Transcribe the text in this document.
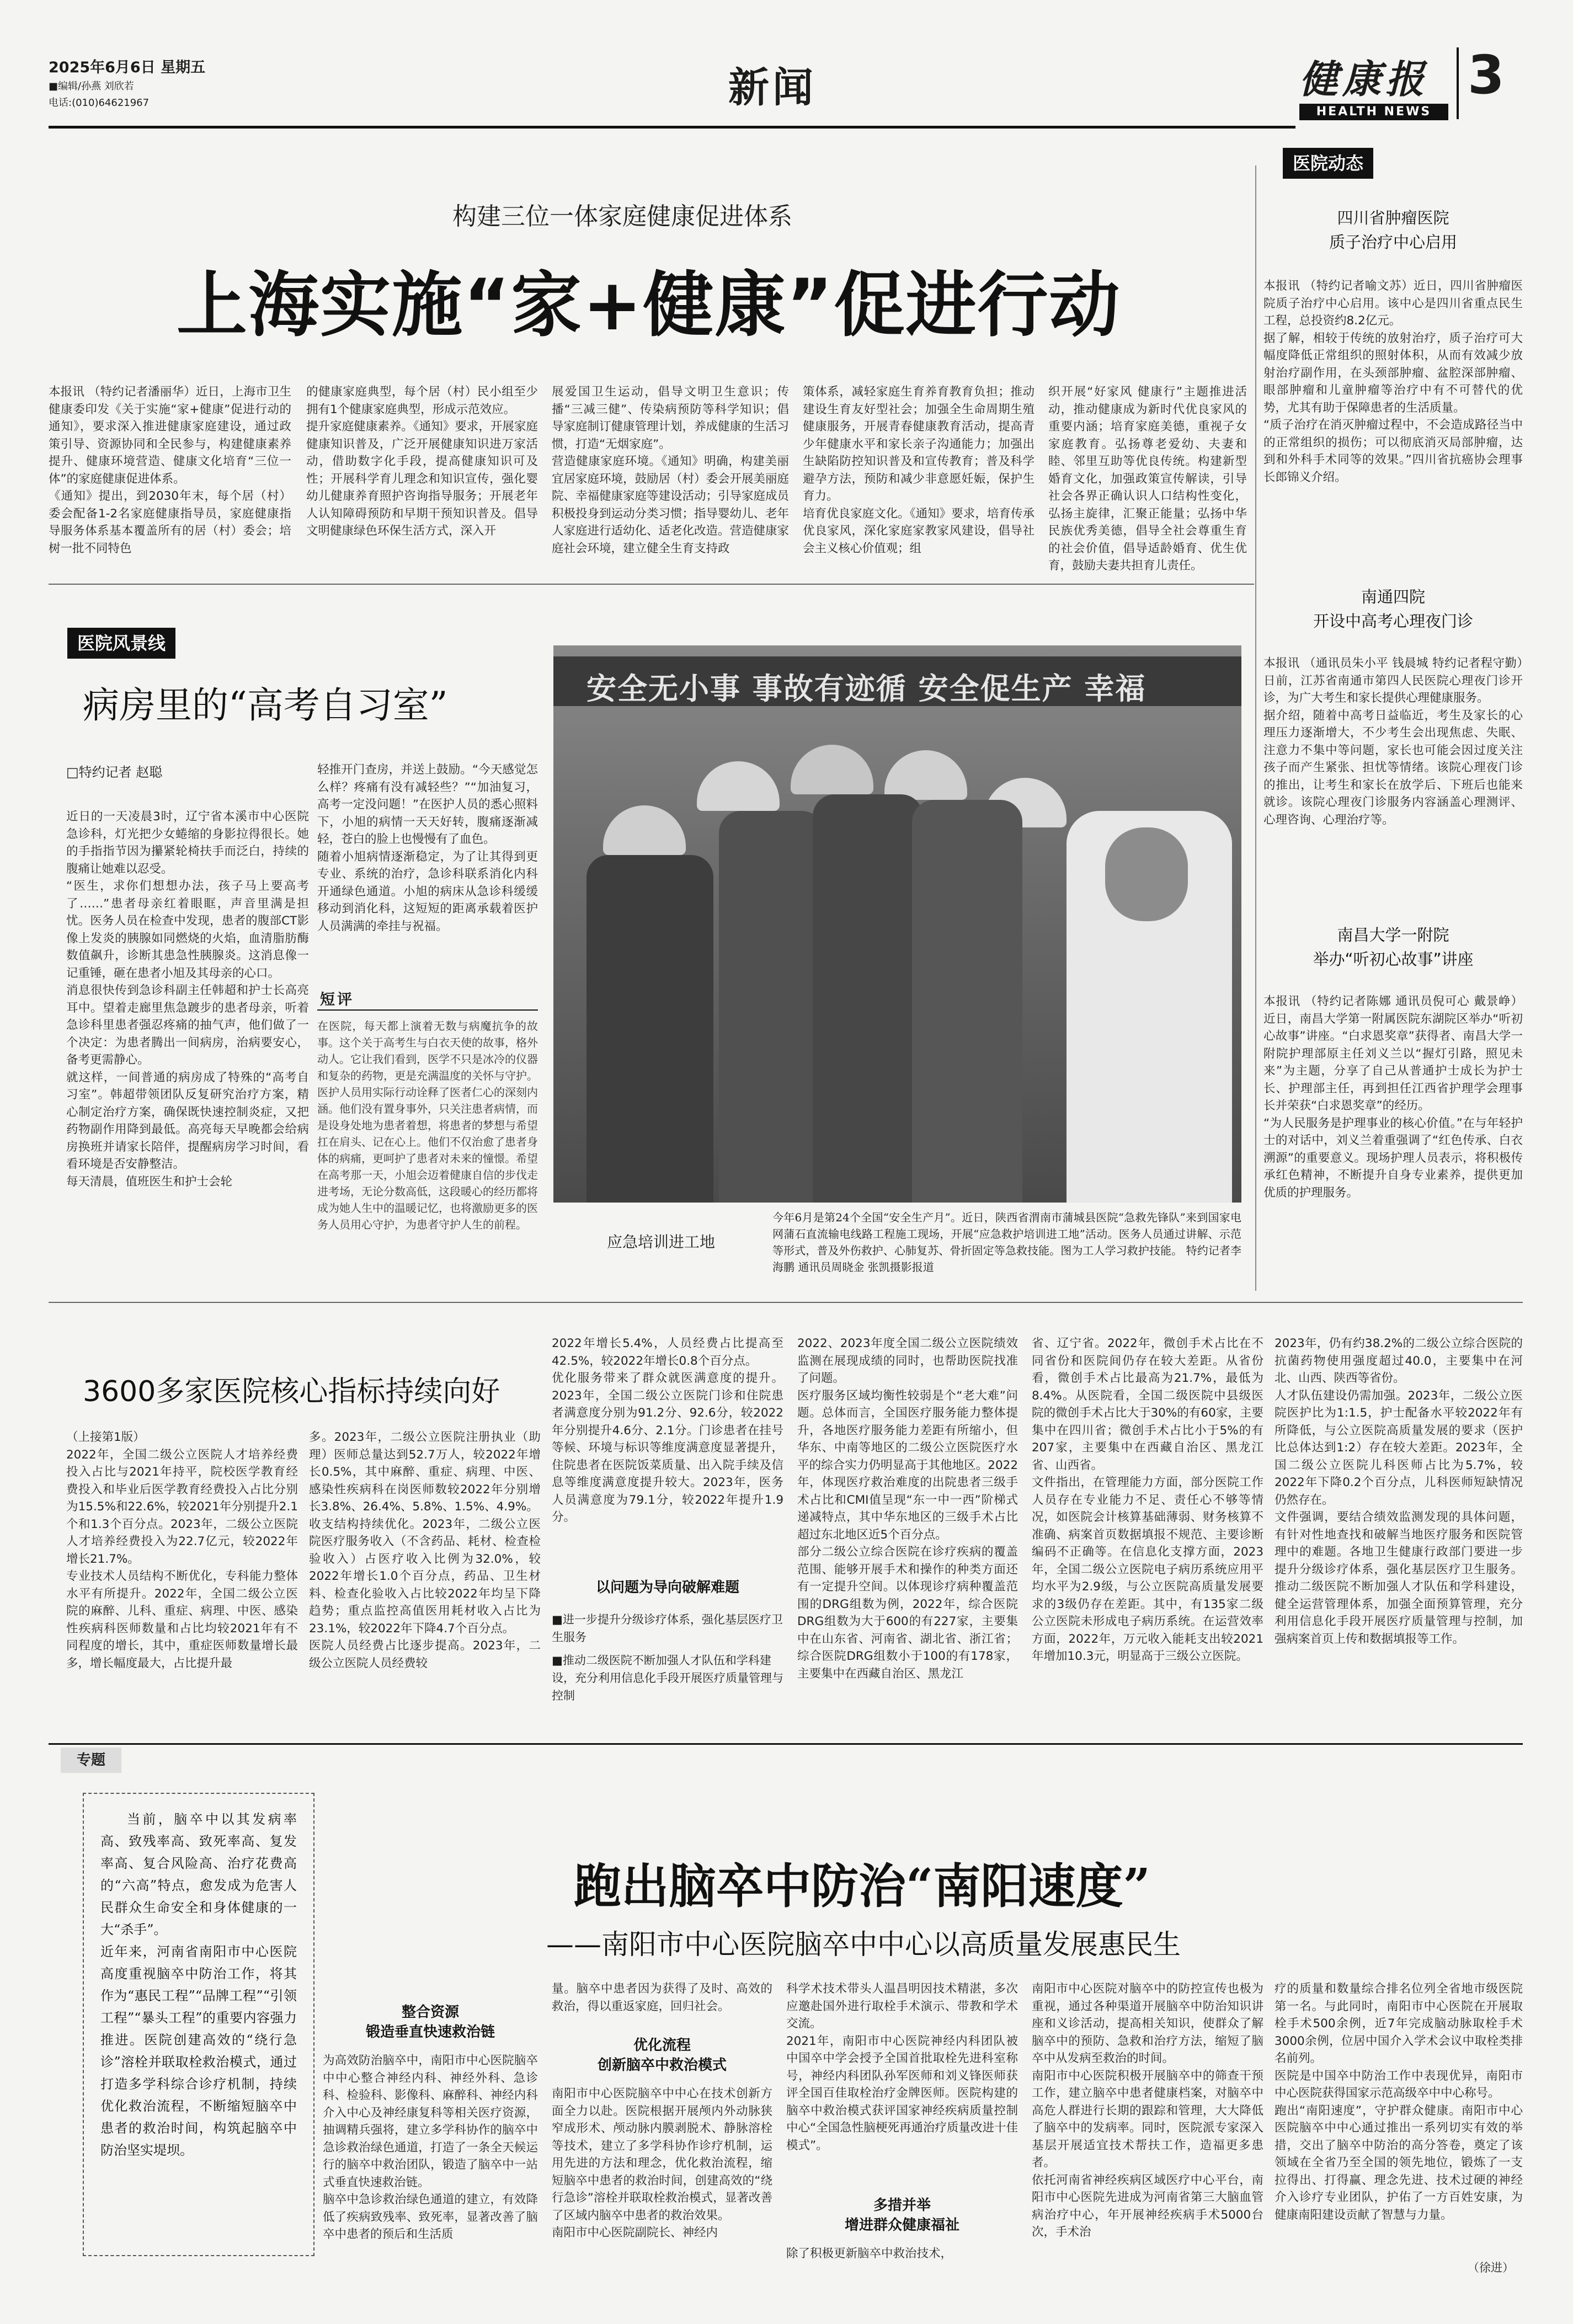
2025年6月6日 星期五
■编辑/孙燕 刘欣若
电话:(010)64621967	新闻	健康报
HEALTH NEWS
3
医院动态
四川省肿瘤医院
质子治疗中心启用
本报讯 （特约记者喻文苏）近日，四川省肿瘤医院质子治疗中心启用。该中心是四川省重点民生工程，总投资约8.2亿元。
据了解，相较于传统的放射治疗，质子治疗可大幅度降低正常组织的照射体积，从而有效减少放射治疗副作用，在头颈部肿瘤、盆腔深部肿瘤、眼部肿瘤和儿童肿瘤等治疗中有不可替代的优势，尤其有助于保障患者的生活质量。
“质子治疗在消灭肿瘤过程中，不会造成路径当中的正常组织的损伤；可以彻底消灭局部肿瘤，达到和外科手术同等的效果。”四川省抗癌协会理事长郎锦义介绍。
南通四院
开设中高考心理夜门诊
本报讯 （通讯员朱小平 钱晨城 特约记者程守勤）日前，江苏省南通市第四人民医院心理夜门诊开诊，为广大考生和家长提供心理健康服务。
据介绍，随着中高考日益临近，考生及家长的心理压力逐渐增大，不少考生会出现焦虑、失眠、注意力不集中等问题，家长也可能会因过度关注孩子而产生紧张、担忧等情绪。该院心理夜门诊的推出，让考生和家长在放学后、下班后也能来就诊。该院心理夜门诊服务内容涵盖心理测评、心理咨询、心理治疗等。
南昌大学一附院
举办“听初心故事”讲座
本报讯 （特约记者陈娜 通讯员倪可心 戴景峥）近日，南昌大学第一附属医院东湖院区举办“听初心故事”讲座。“白求恩奖章”获得者、南昌大学一附院护理部原主任刘义兰以“握灯引路，照见未来”为主题，分享了自己从普通护士成长为护士长、护理部主任，再到担任江西省护理学会理事长并荣获“白求恩奖章”的经历。
“为人民服务是护理事业的核心价值。”在与年轻护士的对话中，刘义兰着重强调了“红色传承、白衣溯源”的重要意义。现场护理人员表示，将积极传承红色精神，不断提升自身专业素养，提供更加优质的护理服务。
构建三位一体家庭健康促进体系
上海实施“家+健康”促进行动
本报讯 （特约记者潘丽华）近日，上海市卫生健康委印发《关于实施“家+健康”促进行动的通知》，要求深入推进健康家庭建设，通过政策引导、资源协同和全民参与，构建健康素养提升、健康环境营造、健康文化培育“三位一体”的家庭健康促进体系。
《通知》提出，到2030年末，每个居（村）委会配备1-2名家庭健康指导员，家庭健康指导服务体系基本覆盖所有的居（村）委会；培树一批不同特色
的健康家庭典型，每个居（村）民小组至少拥有1个健康家庭典型，形成示范效应。
提升家庭健康素养。《通知》要求，开展家庭健康知识普及，广泛开展健康知识进万家活动，借助数字化手段，提高健康知识可及性；开展科学育儿理念和知识宣传，强化婴幼儿健康养育照护咨询指导服务；开展老年人认知障碍预防和早期干预知识普及。倡导文明健康绿色环保生活方式，深入开
展爱国卫生运动，倡导文明卫生意识；传播“三减三健”、传染病预防等科学知识；倡导家庭制订健康管理计划，养成健康的生活习惯，打造“无烟家庭”。
营造健康家庭环境。《通知》明确，构建美丽宜居家庭环境，鼓励居（村）委会开展美丽庭院、幸福健康家庭等建设活动；引导家庭成员积极投身到运动分类习惯；指导婴幼儿、老年人家庭进行适幼化、适老化改造。营造健康家庭社会环境，建立健全生育支持政
策体系，减轻家庭生育养育教育负担；推动建设生育友好型社会；加强全生命周期生殖健康服务，开展青春健康教育活动，提高青少年健康水平和家长亲子沟通能力；加强出生缺陷防控知识普及和宣传教育；普及科学避孕方法，预防和减少非意愿妊娠，保护生育力。
培育优良家庭文化。《通知》要求，培育传承优良家风，深化家庭家教家风建设，倡导社会主义核心价值观；组
织开展“好家风 健康行”主题推进活动，推动健康成为新时代优良家风的重要内涵；培育家庭美德，重视子女家庭教育。弘扬尊老爱幼、夫妻和睦、邻里互助等优良传统。构建新型婚育文化，加强政策宣传解读，引导社会各界正确认识人口结构性变化，弘扬主旋律，汇聚正能量；弘扬中华民族优秀美德，倡导全社会尊重生育的社会价值，倡导适龄婚育、优生优育，鼓励夫妻共担育儿责任。
医院风景线
病房里的“高考自习室”
□特约记者 赵聪
近日的一天凌晨3时，辽宁省本溪市中心医院急诊科，灯光把少女蜷缩的身影拉得很长。她的手指指节因为攥紧轮椅扶手而泛白，持续的腹痛让她难以忍受。
“医生，求你们想想办法，孩子马上要高考了……”患者母亲红着眼眶，声音里满是担忧。医务人员在检查中发现，患者的腹部CT影像上发炎的胰腺如同燃烧的火焰，血清脂肪酶数值飙升，诊断其患急性胰腺炎。这消息像一记重锤，砸在患者小旭及其母亲的心口。
消息很快传到急诊科副主任韩超和护士长高亮耳中。望着走廊里焦急踱步的患者母亲，听着急诊科里患者强忍疼痛的抽气声，他们做了一个决定：为患者腾出一间病房，治病要安心，备考更需静心。
就这样，一间普通的病房成了特殊的“高考自习室”。韩超带领团队反复研究治疗方案，精心制定治疗方案，确保既快速控制炎症，又把药物副作用降到最低。高亮每天早晚都会给病房换班并请家长陪伴，提醒病房学习时间，看看环境是否安静整洁。
每天清晨，值班医生和护士会轮
轻推开门查房，并送上鼓励。“今天感觉怎么样？疼痛有没有减轻些？”“加油复习，高考一定没问题！”在医护人员的悉心照料下，小旭的病情一天天好转，腹痛逐渐减轻，苍白的脸上也慢慢有了血色。
随着小旭病情逐渐稳定，为了让其得到更专业、系统的治疗，急诊科联系消化内科开通绿色通道。小旭的病床从急诊科缓缓移动到消化科，这短短的距离承载着医护人员满满的牵挂与祝福。
短评
在医院，每天都上演着无数与病魔抗争的故事。这个关于高考生与白衣天使的故事，格外动人。它让我们看到，医学不只是冰冷的仪器和复杂的药物，更是充满温度的关怀与守护。
医护人员用实际行动诠释了医者仁心的深刻内涵。他们没有置身事外，只关注患者病情，而是设身处地为患者着想，将患者的梦想与希望扛在肩头、记在心上。他们不仅治愈了患者身体的病痛，更呵护了患者对未来的憧憬。希望在高考那一天，小旭会迈着健康自信的步伐走进考场，无论分数高低，这段暖心的经历都将成为她人生中的温暖记忆，也将激励更多的医务人员用心守护，为患者守护人生的前程。
安全无小事 事故有迹循 安全促生产 幸福
应急培训进工地
今年6月是第24个全国“安全生产月”。近日，陕西省渭南市蒲城县医院“急救先锋队”来到国家电网蒲石直流输电线路工程施工现场，开展“应急救护培训进工地”活动。医务人员通过讲解、示范等形式，普及外伤救护、心肺复苏、骨折固定等急救技能。图为工人学习救护技能。 特约记者李海鹏 通讯员周晓金 张凯摄影报道
3600多家医院核心指标持续向好
（上接第1版）
2022年，全国二级公立医院人才培养经费投入占比与2021年持平，院校医学教育经费投入和毕业后医学教育经费投入占比分别为15.5%和22.6%，较2021年分别提升2.1个和1.3个百分点。2023年，二级公立医院人才培养经费投入为22.7亿元，较2022年增长21.7%。
专业技术人员结构不断优化，专科能力整体水平有所提升。2022年，全国二级公立医院的麻醉、儿科、重症、病理、中医、感染性疾病科医师数量和占比均较2021年有不同程度的增长，其中，重症医师数量增长最多，增长幅度最大，占比提升最
多。2023年，二级公立医院注册执业（助理）医师总量达到52.7万人，较2022年增长0.5%，其中麻醉、重症、病理、中医、感染性疾病科在岗医师数较2022年分别增长3.8%、26.4%、5.8%、1.5%、4.9%。
收支结构持续优化。2023年，二级公立医院医疗服务收入（不含药品、耗材、检查检验收入）占医疗收入比例为32.0%，较2022年增长1.0个百分点，药品、卫生材料、检查化验收入占比较2022年均呈下降趋势；重点监控高值医用耗材收入占比为23.1%，较2022年下降4.7个百分点。
医院人员经费占比逐步提高。2023年，二级公立医院人员经费较
2022年增长5.4%，人员经费占比提高至42.5%，较2022年增长0.8个百分点。
优化服务带来了群众就医满意度的提升。2023年，全国二级公立医院门诊和住院患者满意度分别为91.2分、92.6分，较2022年分别提升4.6分、2.1分。门诊患者在挂号等候、环境与标识等维度满意度显著提升，住院患者在医院饭菜质量、出入院手续及信息等维度满意度提升较大。2023年，医务人员满意度为79.1分，较2022年提升1.9分。
以问题为导向破解难题
■进一步提升分级诊疗体系，强化基层医疗卫生服务
■推动二级医院不断加强人才队伍和学科建设，充分利用信息化手段开展医疗质量管理与控制
2022、2023年度全国二级公立医院绩效监测在展现成绩的同时，也帮助医院找准了问题。
医疗服务区域均衡性较弱是个“老大难”问题。总体而言，全国医疗服务能力整体提升，各地医疗服务能力差距有所缩小，但华东、中南等地区的二级公立医院医疗水平的综合实力仍明显高于其他地区。2022年，体现医疗救治难度的出院患者三级手术占比和CMI值呈现“东一中一西”阶梯式递减特点，其中华东地区的三级手术占比超过东北地区近5个百分点。
部分二级公立综合医院在诊疗疾病的覆盖范围、能够开展手术和操作的种类方面还有一定提升空间。以体现诊疗病种覆盖范围的DRG组数为例，2022年，综合医院DRG组数为大于600的有227家，主要集中在山东省、河南省、湖北省、浙江省；综合医院DRG组数小于100的有178家，主要集中在西藏自治区、黑龙江
省、辽宁省。2022年，微创手术占比在不同省份和医院间仍存在较大差距。从省份看，微创手术占比最高为21.7%，最低为8.4%。从医院看，全国二级医院中县级医院的微创手术占比大于30%的有60家，主要集中在四川省；微创手术占比小于5%的有207家，主要集中在西藏自治区、黑龙江省、山西省。
文件指出，在管理能力方面，部分医院工作人员存在专业能力不足、责任心不够等情况，如医院会计核算基础薄弱、财务核算不准确、病案首页数据填报不规范、主要诊断编码不正确等。在信息化支撑方面，2023年，全国二级公立医院电子病历系统应用平均水平为2.9级，与公立医院高质量发展要求的3级仍存在差距。其中，有135家二级公立医院未形成电子病历系统。在运营效率方面，2022年，万元收入能耗支出较2021年增加10.3元，明显高于三级公立医院。
2023年，仍有约38.2%的二级公立综合医院的抗菌药物使用强度超过40.0，主要集中在河北、山西、陕西等省份。
人才队伍建设仍需加强。2023年，二级公立医院医护比为1:1.5，护士配备水平较2022年有所降低，与公立医院高质量发展的要求（医护比总体达到1:2）存在较大差距。2023年，全国二级公立医院儿科医师占比为5.7%，较2022年下降0.2个百分点，儿科医师短缺情况仍然存在。
文件强调，要结合绩效监测发现的具体问题，有针对性地查找和破解当地医疗服务和医院管理中的难题。各地卫生健康行政部门要进一步提升分级诊疗体系，强化基层医疗卫生服务。推动二级医院不断加强人才队伍和学科建设，健全运营管理体系，加强全面预算管理，充分利用信息化手段开展医疗质量管理与控制，加强病案首页上传和数据填报等工作。
专题
当前，脑卒中以其发病率高、致残率高、致死率高、复发率高、复合风险高、治疗花费高的“六高”特点，愈发成为危害人民群众生命安全和身体健康的一大“杀手”。
近年来，河南省南阳市中心医院高度重视脑卒中防治工作，将其作为“惠民工程”“品牌工程”“引领工程”“暴头工程”的重要内容强力推进。医院创建高效的“绕行急诊”溶栓并联取栓救治模式，通过打造多学科综合诊疗机制，持续优化救治流程，不断缩短脑卒中患者的救治时间，构筑起脑卒中防治坚实堤坝。
跑出脑卒中防治“南阳速度”
——南阳市中心医院脑卒中中心以高质量发展惠民生
整合资源
锻造垂直快速救治链
为高效防治脑卒中，南阳市中心医院脑卒中中心整合神经内科、神经外科、急诊科、检验科、影像科、麻醉科、神经内科介入中心及神经康复科等相关医疗资源，抽调精兵强将，建立多学科协作的脑卒中急诊救治绿色通道，打造了一条全天候运行的脑卒中救治团队，锻造了脑卒中一站式垂直快速救治链。
脑卒中急诊救治绿色通道的建立，有效降低了疾病致残率、致死率，显著改善了脑卒中患者的预后和生活质
量。脑卒中患者因为获得了及时、高效的救治，得以重返家庭，回归社会。
优化流程
创新脑卒中救治模式
南阳市中心医院脑卒中中心在技术创新方面全力以赴。医院根据开展颅内外动脉狭窄成形术、颅动脉内膜剥脱术、静脉溶栓等技术，建立了多学科协作诊疗机制，运用先进的方法和理念，优化救治流程，缩短脑卒中患者的救治时间，创建高效的“绕行急诊”溶栓并联取栓救治模式，显著改善了区域内脑卒中患者的救治效果。
南阳市中心医院副院长、神经内
科学术技术带头人温昌明因技术精湛，多次应邀赴国外进行取栓手术演示、带教和学术交流。
2021年，南阳市中心医院神经内科团队被中国卒中学会授予全国首批取栓先进科室称号，神经内科团队孙军医师和刘义锋医师获评全国百佳取栓治疗金牌医师。医院构建的脑卒中救治模式获评国家神经疾病质量控制中心“全国急性脑梗死再通治疗质量改进十佳模式”。
多措并举
增进群众健康福祉
除了积极更新脑卒中救治技术，
南阳市中心医院对脑卒中的防控宣传也极为重视，通过各种渠道开展脑卒中防治知识讲座和义诊活动，提高相关知识，使群众了解脑卒中的预防、急救和治疗方法，缩短了脑卒中从发病至救治的时间。
南阳市中心医院积极开展脑卒中的筛查干预工作，建立脑卒中患者健康档案，对脑卒中高危人群进行长期的跟踪和管理，大大降低了脑卒中的发病率。同时，医院派专家深入基层开展适宜技术帮扶工作，造福更多患者。
依托河南省神经疾病区域医疗中心平台，南阳市中心医院先进成为河南省第三大脑血管病治疗中心，年开展神经疾病手术5000台次，手术治
疗的质量和数量综合排名位列全省地市级医院第一名。与此同时，南阳市中心医院在开展取栓手术500余例，近7年完成脑动脉取栓手术3000余例，位居中国介入学术会议中取栓类排名前列。
医院是中国卒中防治工作中表现优异，南阳市中心医院获得国家示范高级卒中中心称号。
跑出“南阳速度”，守护群众健康。南阳市中心医院脑卒中中心通过推出一系列切实有效的举措，交出了脑卒中防治的高分答卷，奠定了该领域在全省乃至全国的领先地位，锻炼了一支拉得出、打得赢、理念先进、技术过硬的神经介入诊疗专业团队，护佑了一方百姓安康，为健康南阳建设贡献了智慧与力量。
（徐进）
